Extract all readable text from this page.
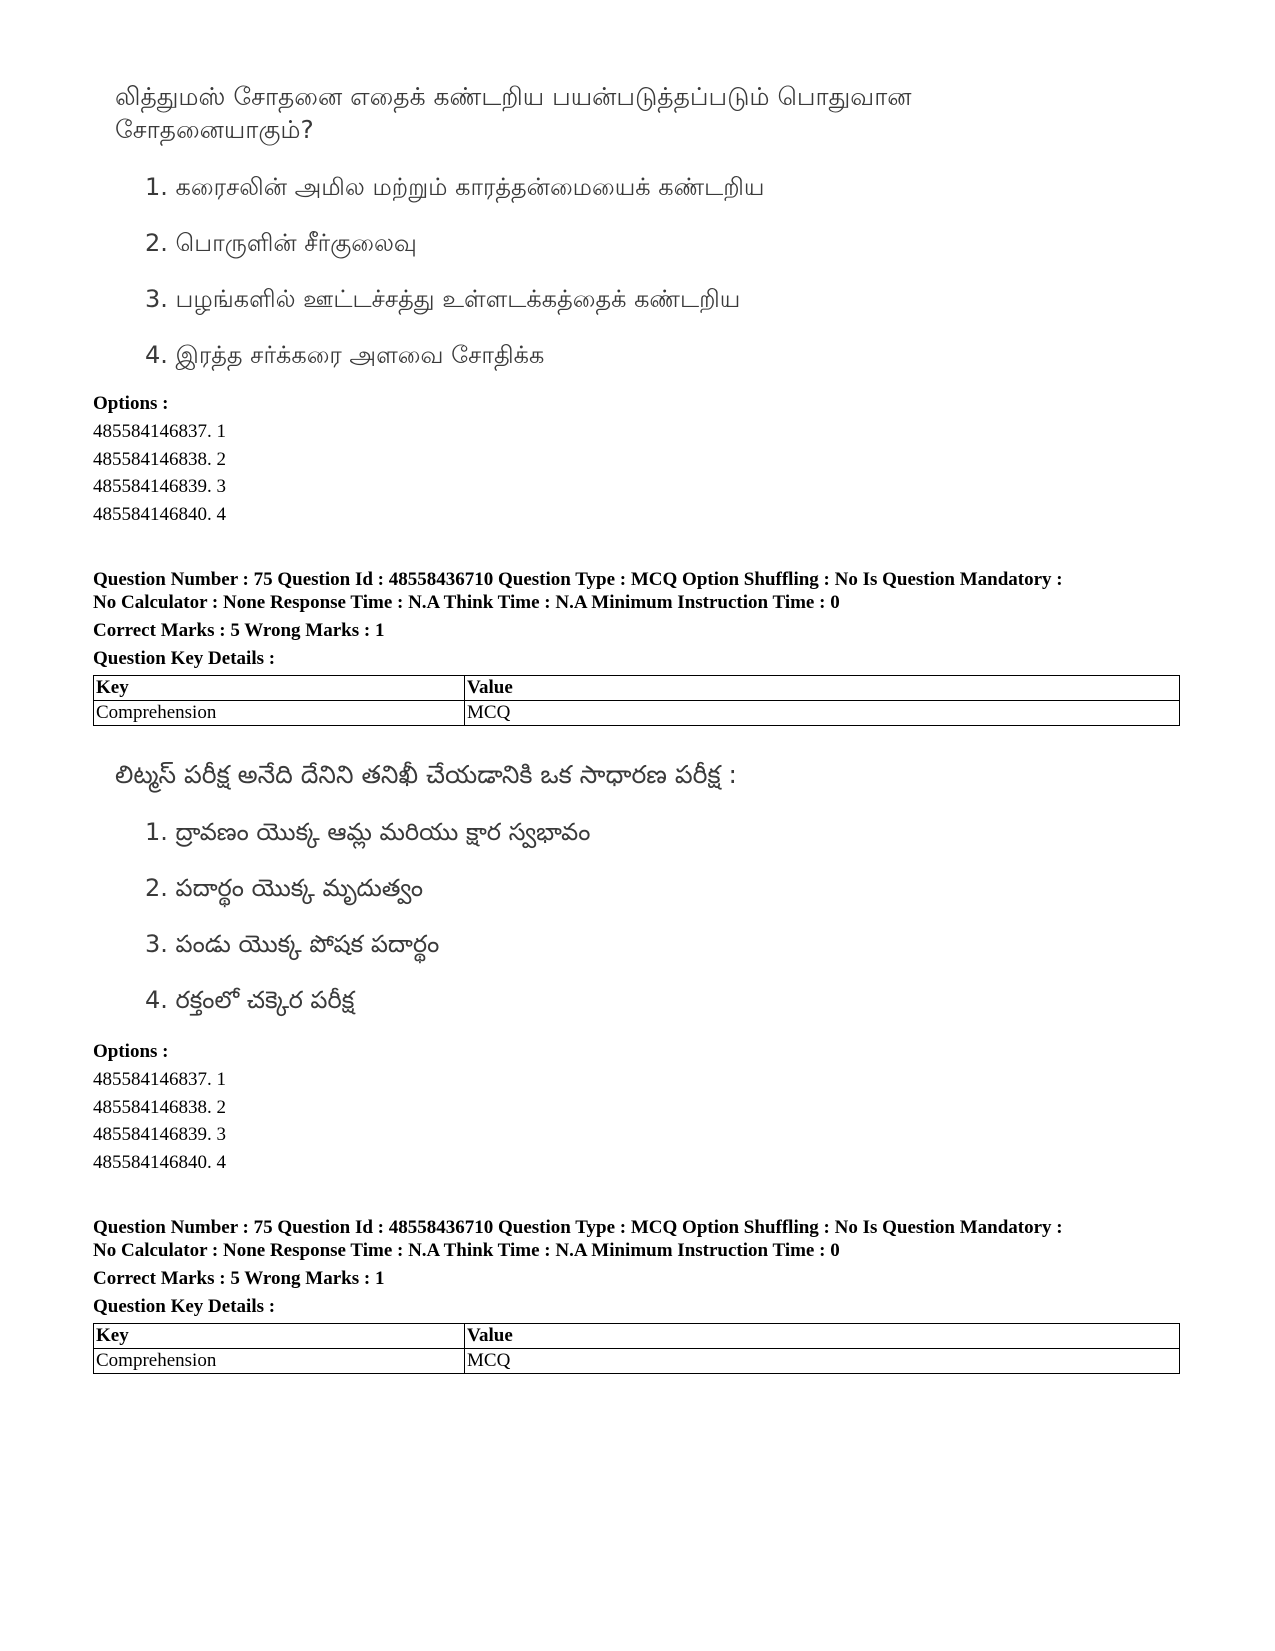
லித்துமஸ் சோதனை எதைக் கண்டறிய பயன்படுத்தப்படும் பொதுவான சோதனையாகும்?

1. கரைசலின் அமில மற்றும் காரத்தன்மையைக் கண்டறிய
2. பொருளின் சீர்குலைவு
3. பழங்களில் ஊட்டச்சத்து உள்ளடக்கத்தைக் கண்டறிய
4. இரத்த சர்க்கரை அளவை சோதிக்க
Options :
485584146837. 1
485584146838. 2
485584146839. 3
485584146840. 4
Question Number : 75 Question Id : 48558436710 Question Type : MCQ Option Shuffling : No Is Question Mandatory :
No Calculator : None Response Time : N.A Think Time : N.A Minimum Instruction Time : 0
Correct Marks : 5 Wrong Marks : 1
Question Key Details :
Key	Value
Comprehension	MCQ

లిట్మస్ పరీక్ష అనేది దేనిని తనిఖీ చేయడానికి ఒక సాధారణ పరీక్ష :

1. ద్రావణం యొక్క ఆమ్ల మరియు క్షార స్వభావం
2. పదార్థం యొక్క మృదుత్వం
3. పండు యొక్క పోషక పదార్థం
4. రక్తంలో చక్కెర పరీక్ష
Options :
485584146837. 1
485584146838. 2
485584146839. 3
485584146840. 4
Question Number : 75 Question Id : 48558436710 Question Type : MCQ Option Shuffling : No Is Question Mandatory :
No Calculator : None Response Time : N.A Think Time : N.A Minimum Instruction Time : 0
Correct Marks : 5 Wrong Marks : 1
Question Key Details :
Key	Value
Comprehension	MCQ
